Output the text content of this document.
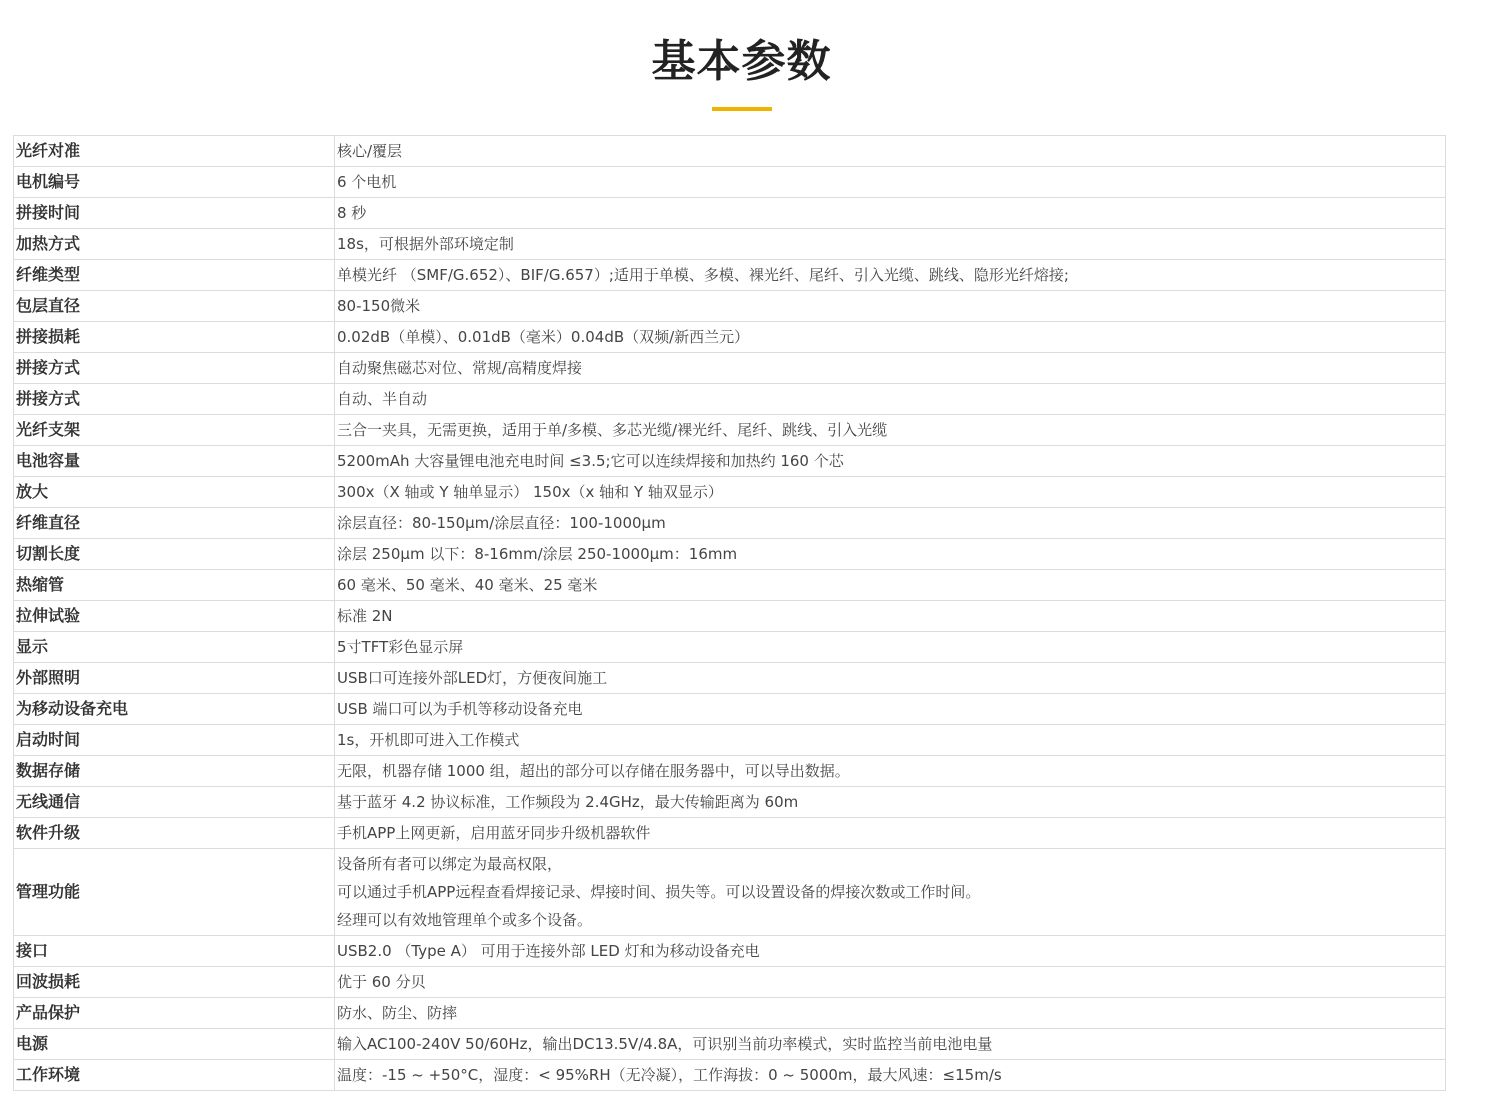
基本参数
光纤对准	核心/覆层
电机编号	6 个电机
拼接时间	8 秒
加热方式	18s，可根据外部环境定制
纤维类型	单模光纤 （SMF/G.652）、BIF/G.657）;适用于单模、多模、裸光纤、尾纤、引入光缆、跳线、隐形光纤熔接;
包层直径	80-150微米
拼接损耗	0.02dB（单模）、0.01dB（毫米）0.04dB（双频/新西兰元）
拼接方式	自动聚焦磁芯对位、常规/高精度焊接
拼接方式	自动、半自动
光纤支架	三合一夹具，无需更换，适用于单/多模、多芯光缆/裸光纤、尾纤、跳线、引入光缆
电池容量	5200mAh 大容量锂电池充电时间 ≤3.5;它可以连续焊接和加热约 160 个芯
放大	300x（X 轴或 Y 轴单显示） 150x（x 轴和 Y 轴双显示）
纤维直径	涂层直径：80-150μm/涂层直径：100-1000μm
切割长度	涂层 250μm 以下：8-16mm/涂层 250-1000μm：16mm
热缩管	60 毫米、50 毫米、40 毫米、25 毫米
拉伸试验	标准 2N
显示	5寸TFT彩色显示屏
外部照明	USB口可连接外部LED灯，方便夜间施工
为移动设备充电	USB 端口可以为手机等移动设备充电
启动时间	1s，开机即可进入工作模式
数据存储	无限，机器存储 1000 组，超出的部分可以存储在服务器中，可以导出数据。
无线通信	基于蓝牙 4.2 协议标准，工作频段为 2.4GHz，最大传输距离为 60m
软件升级	手机APP上网更新，启用蓝牙同步升级机器软件
管理功能	设备所有者可以绑定为最高权限，
可以通过手机APP远程查看焊接记录、焊接时间、损失等。可以设置设备的焊接次数或工作时间。
经理可以有效地管理单个或多个设备。

接口	USB2.0 （Type A） 可用于连接外部 LED 灯和为移动设备充电
回波损耗	优于 60 分贝
产品保护	防水、防尘、防摔
电源	输入AC100-240V 50/60Hz，输出DC13.5V/4.8A，可识别当前功率模式，实时监控当前电池电量
工作环境	温度：-15 ~ +50°C，湿度：< 95%RH（无冷凝），工作海拔：0 ~ 5000m，最大风速：≤15m/s
